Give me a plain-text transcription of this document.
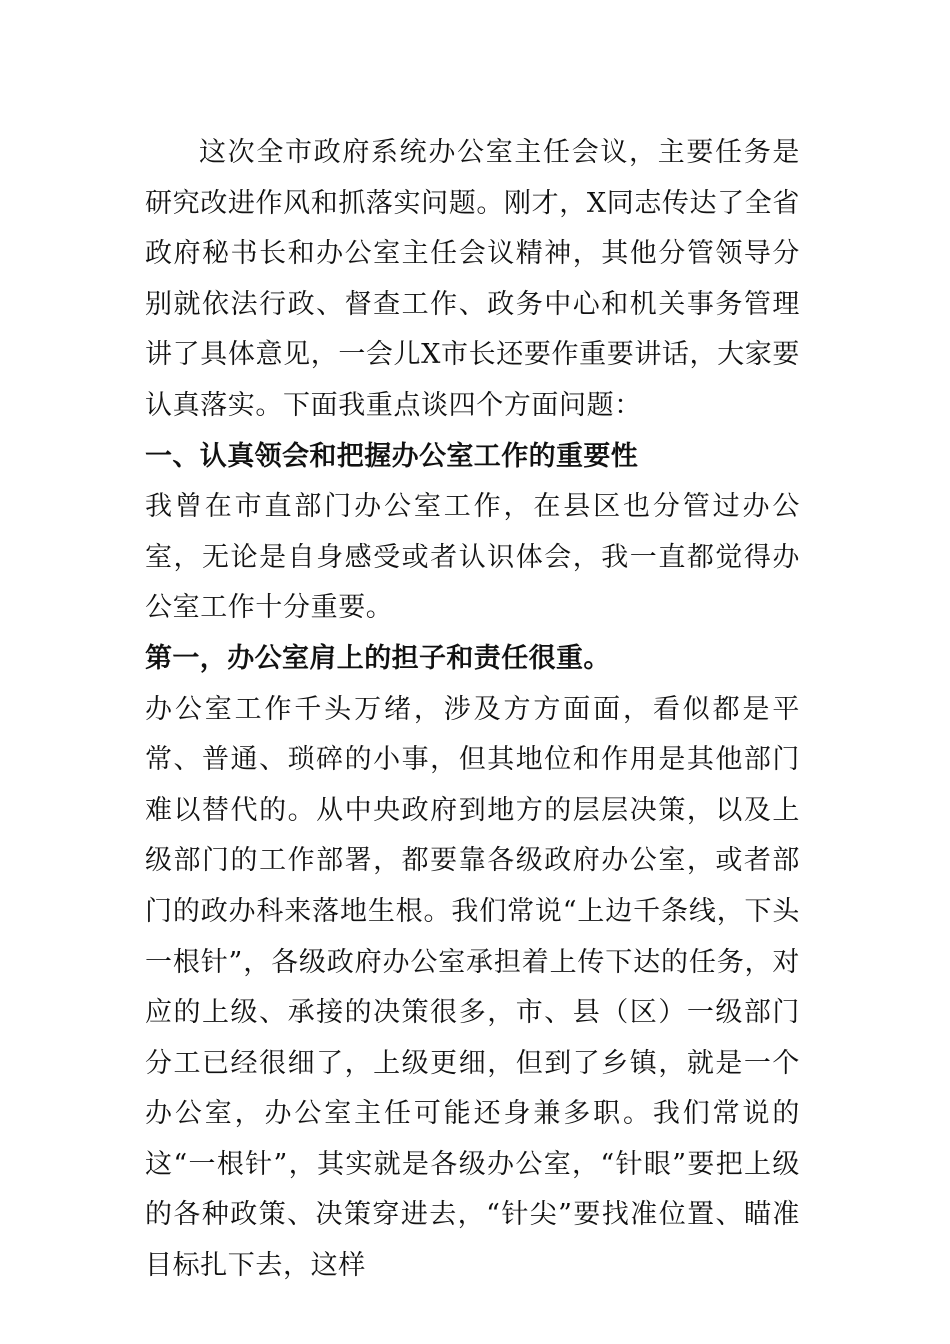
这次全市政府系统办公室主任会议，主要任务是研究改进作风和抓落实问题。刚才，X同志传达了全省政府秘书长和办公室主任会议精神，其他分管领导分别就依法行政、督查工作、政务中心和机关事务管理讲了具体意见，一会儿X市长还要作重要讲话，大家要认真落实。下面我重点谈四个方面问题：

一、认真领会和把握办公室工作的重要性

我曾在市直部门办公室工作，在县区也分管过办公室，无论是自身感受或者认识体会，我一直都觉得办公室工作十分重要。

第一，办公室肩上的担子和责任很重。

办公室工作千头万绪，涉及方方面面，看似都是平常、普通、琐碎的小事，但其地位和作用是其他部门难以替代的。从中央政府到地方的层层决策，以及上级部门的工作部署，都要靠各级政府办公室，或者部门的政办科来落地生根。我们常说“上边千条线，下头一根针”，各级政府办公室承担着上传下达的任务，对应的上级、承接的决策很多，市、县（区）一级部门分工已经很细了，上级更细，但到了乡镇，就是一个办公室，办公室主任可能还身兼多职。我们常说的这“一根针”，其实就是各级办公室，“针眼”要把上级的各种政策、决策穿进去，“针尖”要找准位置、瞄准目标扎下去，这样
